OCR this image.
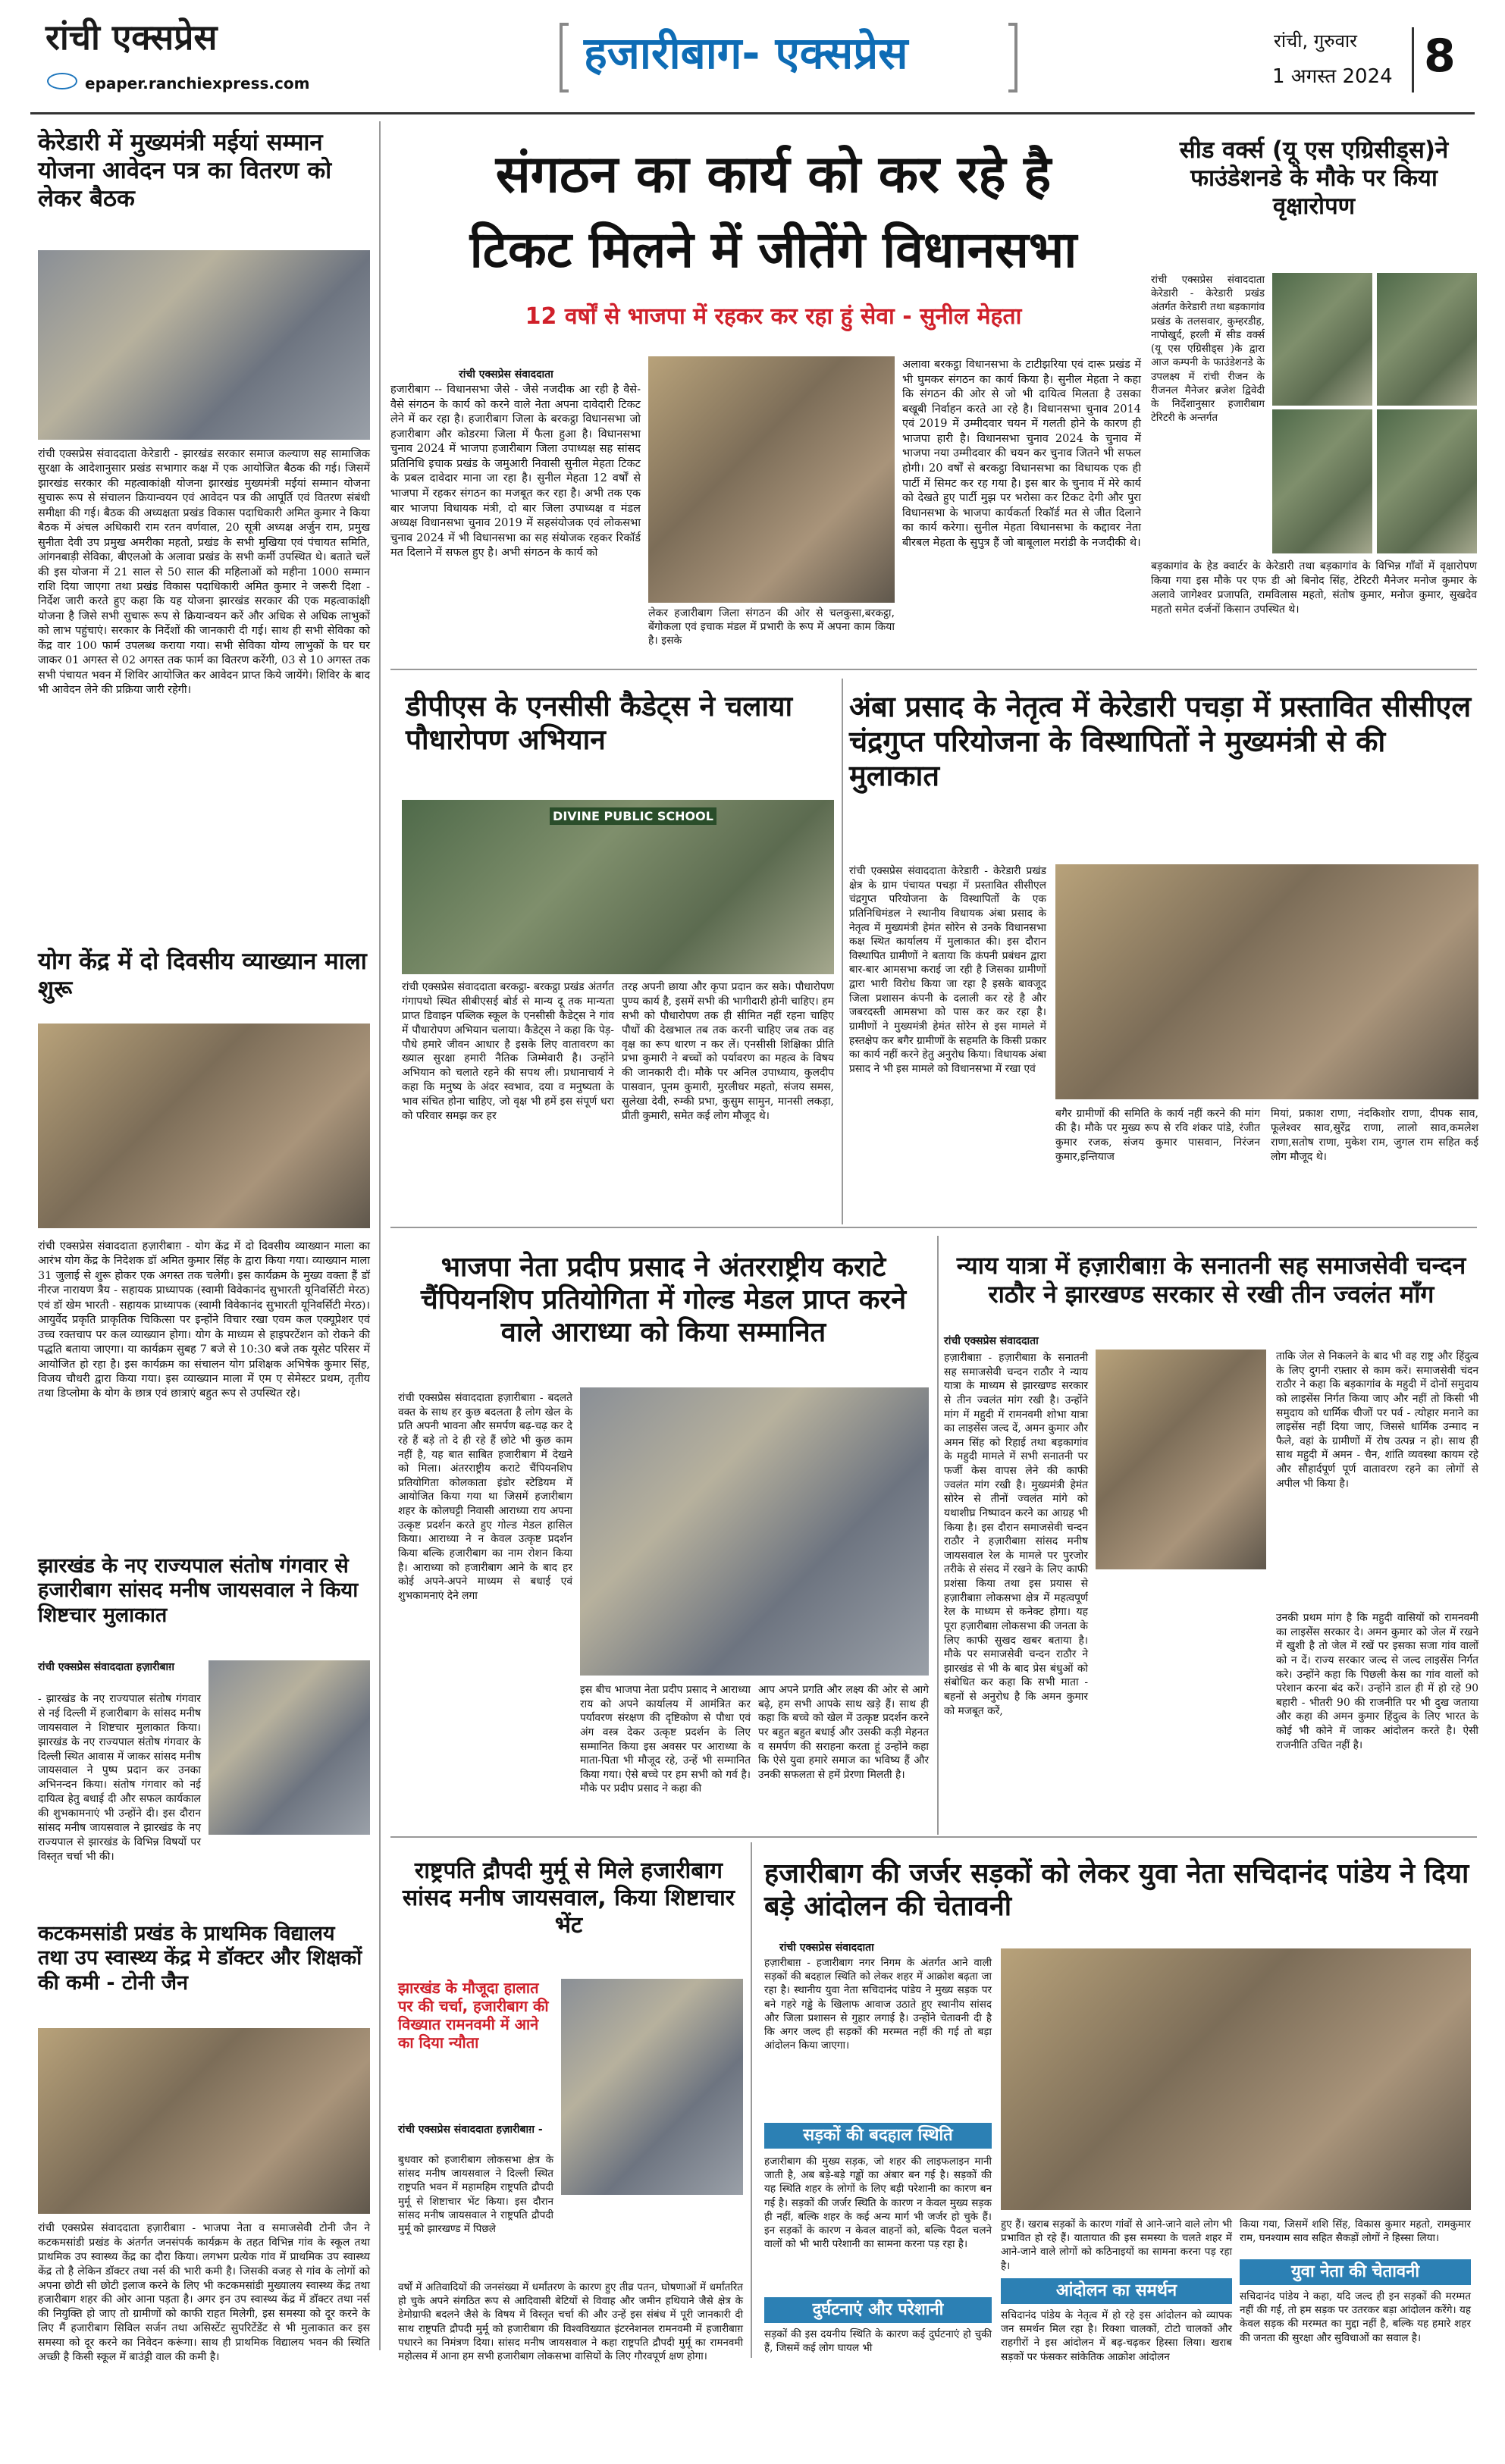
रांची एक्सप्रेस
epaper.ranchiexpress.com
हजारीबाग- एक्सप्रेस	रांची, गुरुवार
1 अगस्त 2024 8
केरेडारी में मुख्यमंत्री मईयां सम्मान योजना आवेदन पत्र का वितरण को लेकर बैठक
रांची एक्सप्रेस संवाददाता केरेडारी - झारखंड सरकार समाज कल्याण सह सामाजिक सुरक्षा के आदेशानुसार प्रखंड सभागार कक्ष में एक आयोजित बैठक की गई। जिसमें झारखंड सरकार की महत्वाकांक्षी योजना झारखंड मुख्यमंत्री मईयां सम्मान योजना सुचारू रूप से संचालन क्रियान्वयन एवं आवेदन पत्र की आपूर्ति एवं वितरण संबंधी समीक्षा की गई। बैठक की अध्यक्षता प्रखंड विकास पदाधिकारी अमित कुमार ने किया बैठक में अंचल अधिकारी राम रतन वर्णवाल, 20 सूत्री अध्यक्ष अर्जुन राम, प्रमुख सुनीता देवी उप प्रमुख अमरीका महतो, प्रखंड के सभी मुखिया एवं पंचायत समिति, आंगनबाड़ी सेविका, बीएलओ के अलावा प्रखंड के सभी कर्मी उपस्थित थे। बताते चलें की इस योजना में 21 साल से 50 साल की महिलाओं को महीना 1000 सम्मान राशि दिया जाएगा तथा प्रखंड विकास पदाधिकारी अमित कुमार ने जरूरी दिशा - निर्देश जारी करते हुए कहा कि यह योजना झारखंड सरकार की एक महत्वाकांक्षी योजना है जिसे सभी सुचारू रूप से क्रियान्वयन करें और अधिक से अधिक लाभुकों को लाभ पहुंचाएं। सरकार के निर्देशों की जानकारी दी गई। साथ ही सभी सेविका को केंद्र वार 100 फार्म उपलब्ध कराया गया। सभी सेविका योग्य लाभुकों के घर घर जाकर 01 अगस्त से 02 अगस्त तक फार्म का वितरण करेंगी, 03 से 10 अगस्त तक सभी पंचायत भवन में शिविर आयोजित कर आवेदन प्राप्त किये जायेंगे। शिविर के बाद भी आवेदन लेने की प्रक्रिया जारी रहेगी।
योग केंद्र में दो दिवसीय व्याख्यान माला शुरू
रांची एक्सप्रेस संवाददाता हज़ारीबाग़ - योग केंद्र में दो दिवसीय व्याख्यान माला का आरंभ योग केंद्र के निदेशक डॉ अमित कुमार सिंह के द्वारा किया गया। व्याख्यान माला 31 जुलाई से शुरू होकर एक अगस्त तक चलेगी। इस कार्यक्रम के मुख्य वक्ता हैं डॉ नीरज नारायण त्रैय - सहायक प्राध्यापक (स्वामी विवेकानंद सुभारती यूनिवर्सिटी मेरठ) एवं डॉ खेम भारती - सहायक प्राध्यापक (स्वामी विवेकानंद सुभारती यूनिवर्सिटी मेरठ)। आयुर्वेद प्रकृति प्राकृतिक चिकित्सा पर इन्होंने विचार रखा एवम कल एक्यूप्रेशर एवं उच्च रक्तचाप पर कल व्याख्यान होगा। योग के माध्यम से हाइपरटेंशन को रोकने की पद्धति बताया जाएगा। या कार्यक्रम सुबह 7 बजे से 10:30 बजे तक यूसेट परिसर में आयोजित हो रहा है। इस कार्यक्रम का संचालन योग प्रशिक्षक अभिषेक कुमार सिंह, विजय चौधरी द्वारा किया गया। इस व्याख्यान माला में एम ए सेमेस्टर प्रथम, तृतीय तथा डिप्लोमा के योग के छात्र एवं छात्राएं बहुत रूप से उपस्थित रहे।
झारखंड के नए राज्यपाल संतोष गंगवार से हजारीबाग सांसद मनीष जायसवाल ने किया शिष्टचार मुलाकात
रांची एक्सप्रेस संवाददाता हज़ारीबाग़
- झारखंड के नए राज्यपाल संतोष गंगवार से नई दिल्ली में हजारीबाग के सांसद मनीष जायसवाल ने शिष्टचार मुलाकात किया। झारखंड के नए राज्यपाल संतोष गंगवार के दिल्ली स्थित आवास में जाकर सांसद मनीष जायसवाल ने पुष्प प्रदान कर उनका अभिनन्दन किया। संतोष गंगवार को नई दायित्व हेतु बधाई दी और सफल कार्यकाल की शुभकामनाएं भी उन्होंने दी। इस दौरान सांसद मनीष जायसवाल ने झारखंड के नए राज्यपाल से झारखंड के विभिन्न विषयों पर विस्तृत चर्चा भी की।
कटकमसांडी प्रखंड के प्राथमिक विद्यालय तथा उप स्वास्थ्य केंद्र मे डॉक्टर और शिक्षकों की कमी - टोनी जैन
रांची एक्सप्रेस संवाददाता हज़ारीबाग़ - भाजपा नेता व समाजसेवी टोनी जैन ने कटकमसांडी प्रखंड के अंतर्गत जनसंपर्क कार्यक्रम के तहत विभिन्न गांव के स्कूल तथा प्राथमिक उप स्वास्थ्य केंद्र का दौरा किया। लगभग प्रत्येक गांव में प्राथमिक उप स्वास्थ्य केंद्र तो है लेकिन डॉक्टर तथा नर्स की भारी कमी है। जिसकी वजह से गांव के लोगों को अपना छोटी सी छोटी इलाज करने के लिए भी कटकमसांडी मुख्यालय स्वास्थ्य केंद्र तथा हजारीबाग शहर की ओर आना पड़ता है। अगर इन उप स्वास्थ्य केंद्र में डॉक्टर तथा नर्स की नियुक्ति हो जाए तो ग्रामीणों को काफी राहत मिलेगी, इस समस्या को दूर करने के लिए मैं हजारीबाग सिविल सर्जन तथा असिस्टेंट सुपरिटेंडेंट से भी मुलाकात कर इस समस्या को दूर करने का निवेदन करूंगा। साथ ही प्राथमिक विद्यालय भवन की स्थिति अच्छी है किसी स्कूल में बाउंड्री वाल की कमी है।
संगठन का कार्य को कर रहे है
टिकट मिलने में जीतेंगे विधानसभा
12 वर्षों से भाजपा में रहकर कर रहा हुं सेवा - सुनील मेहता
रांची एक्सप्रेस संवाददाता
हजारीबाग -- विधानसभा जैसे - जैसे नजदीक आ रही है वैसे- वैसे संगठन के कार्य को करने वाले नेता अपना दावेदारी टिकट लेने में कर रहा है। हजारीबाग जिला के बरकट्ठा विधानसभा जो हजारीबाग और कोडरमा जिला में फैला हुआ है। विधानसभा चुनाव 2024 में भाजपा हजारीबाग जिला उपाध्यक्ष सह सांसद प्रतिनिधि इचाक प्रखंड के जमुआरी निवासी सुनील मेहता टिकट के प्रबल दावेदार माना जा रहा है। सुनील मेहता 12 वर्षों से भाजपा में रहकर संगठन का मजबूत कर रहा है। अभी तक एक बार भाजपा विधायक मंत्री, दो बार जिला उपाध्यक्ष व मंडल अध्यक्ष विधानसभा चुनाव 2019 में सहसंयोजक एवं लोकसभा चुनाव 2024 में भी विधानसभा का सह संयोजक रहकर रिकॉर्ड मत दिलाने में सफल हुए है। अभी संगठन के कार्य को
लेकर हजारीबाग जिला संगठन की ओर से चलकुसा,बरकट्ठा, बेंगोकला एवं इचाक मंडल में प्रभारी के रूप में अपना काम किया है। इसके
अलावा बरकट्ठा विधानसभा के टाटीझरिया एवं दारू प्रखंड में भी घुमकर संगठन का कार्य किया है। सुनील मेहता ने कहा कि संगठन की ओर से जो भी दायित्व मिलता है उसका बखूबी निर्वाहन करते आ रहे है। विधानसभा चुनाव 2014 एवं 2019 में उम्मीदवार चयन में गलती होने के कारण ही भाजपा हारी है। विधानसभा चुनाव 2024 के चुनाव में भाजपा नया उम्मीदवार की चयन कर चुनाव जितने भी सफल होगी। 20 वर्षों से बरकट्ठा विधानसभा का विधायक एक ही पार्टी में सिमट कर रह गया है। इस बार के चुनाव में मेरे कार्य को देखते हुए पार्टी मुझ पर भरोसा कर टिकट देगी और पुरा विधानसभा के भाजपा कार्यकर्ता रिकॉर्ड मत से जीत दिलाने का कार्य करेगा। सुनील मेहता विधानसभा के कद्दावर नेता बीरबल मेहता के सुपुत्र हैं जो बाबूलाल मरांडी के नजदीकी थे।
सीड वर्क्स (यू एस एग्रिसीड्स)ने फाउंडेशनडे के मौके पर किया वृक्षारोपण
रांची एक्सप्रेस संवाददाता केरेडारी - केरेडारी प्रखंड अंतर्गत केरेडारी तथा बड़कागांव प्रखंड के तलसवार, कुम्हरडीह, नापोखुर्द, हरली में सीड वर्क्स (यू एस एग्रिसीड्स )के द्वारा आज कम्पनी के फाउंडेशनडे के उपलक्ष्य में रांची रीजन के रीजनल मैनेजर ब्रजेश द्विवेदी के निर्देशानुसार हजारीबाग टेरिटरी के अन्तर्गत
बड़कागांव के हेड क्वार्टर के केरेडारी तथा बड़कागांव के विभिन्न गाँवों में वृक्षारोपण किया गया इस मौके पर एफ डी ओ बिनोद सिंह, टेरिटरी मैनेजर मनोज कुमार के अलावे जागेश्वर प्रजापति, रामविलास महतो, संतोष कुमार, मनोज कुमार, सुखदेव महतो समेत दर्जनों किसान उपस्थित थे।
डीपीएस के एनसीसी कैडेट्स ने चलाया पौधारोपण अभियान
DIVINE PUBLIC SCHOOL
रांची एक्सप्रेस संवाददाता बरकट्ठा- बरकट्ठा प्रखंड अंतर्गत गंगापथो स्थित सीबीएसई बोर्ड से मान्य दू तक मान्यता प्राप्त डिवाइन पब्लिक स्कूल के एनसीसी कैडेट्स ने गांव में पौधारोपण अभियान चलाया। कैडेट्स ने कहा कि पेड़- पौधे हमारे जीवन आधार है इसके लिए वातावरण का ख्याल सुरक्षा हमारी नैतिक जिम्मेवारी है। उन्होंने अभियान को चलाते रहने की सपथ ली। प्रधानाचार्य ने कहा कि मनुष्य के अंदर स्वभाव, दया व मनुष्यता के भाव संचित होना चाहिए, जो वृक्ष भी हमें इस संपूर्ण धरा को परिवार समझ कर हर
तरह अपनी छाया और कृपा प्रदान कर सके। पौधारोपण पुण्य कार्य है, इसमें सभी की भागीदारी होनी चाहिए। हम सभी को पौधारोपण तक ही सीमित नहीं रहना चाहिए पौधों की देखभाल तब तक करनी चाहिए जब तक वह वृक्ष का रूप धारण न कर लें। एनसीसी शिक्षिका प्रीति प्रभा कुमारी ने बच्चों को पर्यावरण का महत्व के विषय की जानकारी दी। मौके पर अनिल उपाध्याय, कुलदीप पासवान, पूनम कुमारी, मुरलीधर महतो, संजय समस, सुलेखा देवी, रुम्की प्रभा, कुसुम सामुन, मानसी लकड़ा, प्रीती कुमारी, समेत कई लोग मौजूद थे।
अंबा प्रसाद के नेतृत्व में केरेडारी पचड़ा में प्रस्तावित सीसीएल चंद्रगुप्त परियोजना के विस्थापितों ने मुख्यमंत्री से की मुलाकात
रांची एक्सप्रेस संवाददाता केरेडारी - केरेडारी प्रखंड क्षेत्र के ग्राम पंचायत पचड़ा में प्रस्तावित सीसीएल चंद्रगुप्त परियोजना के विस्थापितों के एक प्रतिनिधिमंडल ने स्थानीय विधायक अंबा प्रसाद के नेतृत्व में मुख्यमंत्री हेमंत सोरेन से उनके विधानसभा कक्ष स्थित कार्यालय में मुलाकात की। इस दौरान विस्थापित ग्रामीणों ने बताया कि कंपनी प्रबंधन द्वारा बार-बार आमसभा कराई जा रही है जिसका ग्रामीणों द्वारा भारी विरोध किया जा रहा है इसके बावजूद जिला प्रशासन कंपनी के दलाली कर रहे है और जबरदस्ती आमसभा को पास कर कर रहा है। ग्रामीणों ने मुख्यमंत्री हेमंत सोरेन से इस मामले में हस्तक्षेप कर बगैर ग्रामीणों के सहमति के किसी प्रकार का कार्य नहीं करने हेतु अनुरोध किया। विधायक अंबा प्रसाद ने भी इस मामले को विधानसभा में रखा एवं
बगैर ग्रामीणों की समिति के कार्य नहीं करने की मांग की है। मौके पर मुख्य रूप से रवि शंकर पांडे, रंजीत कुमार रजक, संजय कुमार पासवान, निरंजन कुमार,इन्तियाज
मियां, प्रकाश राणा, नंदकिशोर राणा, दीपक साव, फूलेश्वर साव,सुरेंद्र राणा, लालो साव,कमलेश राणा,सतोष राणा, मुकेश राम, जुगल राम सहित कई लोग मौजूद थे।
भाजपा नेता प्रदीप प्रसाद ने अंतरराष्ट्रीय कराटे चैंपियनशिप प्रतियोगिता में गोल्ड मेडल प्राप्त करने वाले आराध्या को किया सम्मानित
रांची एक्सप्रेस संवाददाता हज़ारीबाग़ - बदलते वक्त के साथ हर कुछ बदलता है लोग खेल के प्रति अपनी भावना और समर्पण बढ़-चढ़ कर दे रहे हैं बड़े तो दे ही रहे हैं छोटे भी कुछ काम नहीं है, यह बात साबित हजारीबाग में देखने को मिला। अंतरराष्ट्रीय कराटे चैंपियनशिप प्रतियोगिता कोलकाता इंडोर स्टेडियम में आयोजित किया गया था जिसमें हजारीबाग शहर के कोलघट्टी निवासी आराध्या राय अपना उत्कृष्ट प्रदर्शन करते हुए गोल्ड मेडल हासिल किया। आराध्या ने न केवल उत्कृष्ट प्रदर्शन किया बल्कि हजारीबाग का नाम रोशन किया है। आराध्या को हजारीबाग आने के बाद हर कोई अपने-अपने माध्यम से बधाई एवं शुभकामनाएं देने लगा
इस बीच भाजपा नेता प्रदीप प्रसाद ने आराध्या राय को अपने कार्यालय में आमंत्रित कर पर्यावरण संरक्षण की दृष्टिकोण से पौधा एवं अंग वस्त्र देकर उत्कृष्ट प्रदर्शन के लिए सम्मानित किया इस अवसर पर आराध्या के माता-पिता भी मौजूद रहे, उन्हें भी सम्मानित किया गया। ऐसे बच्चे पर हम सभी को गर्व है। मौके पर प्रदीप प्रसाद ने कहा की
आप अपने प्रगति और लक्ष्य की ओर से आगे बढ़े, हम सभी आपके साथ खड़े हैं। साथ ही कहा कि बच्चे को खेल में उत्कृष्ट प्रदर्शन करने पर बहुत बहुत बधाई और उसकी कड़ी मेहनत व समर्पण की सराहना करता हूं उन्होंने कहा कि ऐसे युवा हमारे समाज का भविष्य हैं और उनकी सफलता से हमें प्रेरणा मिलती है।
न्याय यात्रा में हज़ारीबाग़ के सनातनी सह समाजसेवी चन्दन राठौर ने झारखण्ड सरकार से रखी तीन ज्वलंत माँग
रांची एक्सप्रेस संवाददाता
हज़ारीबाग़ - हज़ारीबाग़ के सनातनी सह समाजसेवी चन्दन राठौर ने न्याय यात्रा के माध्यम से झारखण्ड सरकार से तीन ज्वलंत मांग रखी है। उन्होंने मांग में महुदी में रामनवमी शोभा यात्रा का लाइसेंस जल्द दें, अमन कुमार और अमन सिंह को रिहाई तथा बड़कागांव के महुदी मामले में सभी सनातनी पर फर्जी केस वापस लेने की काफी ज्वलंत मांग रखी है। मुख्यमंत्री हेमंत सोरेन से तीनों ज्वलंत मांगे को यथाशीघ्र निष्पादन करने का आग्रह भी किया है। इस दौरान समाजसेवी चन्दन राठौर ने हज़ारीबाग़ सांसद मनीष जायसवाल रेल के मामले पर पुरजोर तरीके से संसद में रखने के लिए काफी प्रशंसा किया तथा इस प्रयास से हज़ारीबाग़ लोकसभा क्षेत्र में महत्वपूर्ण रेल के माध्यम से कनेक्ट होगा। यह पूरा हज़ारीबाग़ लोकसभा की जनता के लिए काफी सुखद खबर बताया है। मौके पर समाजसेवी चन्दन राठौर ने झारखंड से भी के बाद प्रेस बंधुओं को संबोधित कर कहा कि सभी माता - बहनों से अनुरोध है कि अमन कुमार को मजबूत करें,
ताकि जेल से निकलने के बाद भी वह राष्ट्र और हिंदुत्व के लिए दुगनी रफ़्तार से काम करें। समाजसेवी चंदन राठौर ने कहा कि बड़कागांव के महुदी में दोनों समुदाय को लाइसेंस निर्गत किया जाए और नहीं तो किसी भी समुदाय को धार्मिक चीजों पर पर्व - त्योहार मनाने का लाइसेंस नहीं दिया जाए, जिससे धार्मिक उन्माद न फैले, वहां के ग्रामीणों में रोष उत्पन्न न हो। साथ ही साथ महुदी में अमन - चैन, शांति व्यवस्था कायम रहे और सौहार्दपूर्ण पूर्ण वातावरण रहने का लोगों से अपील भी किया है।
उनकी प्रथम मांग है कि महुदी वासियों को रामनवमी का लाइसेंस सरकार दे। अमन कुमार को जेल में रखने में खुशी है तो जेल में रखें पर इसका सजा गांव वालों को न दें। राज्य सरकार जल्द से जल्द लाइसेंस निर्गत करे। उन्होंने कहा कि पिछली केस का गांव वालों को परेशान करना बंद करें। उन्होंने डाल ही में हो रहे 90 बहारी - भीतरी 90 की राजनीति पर भी दुख जताया और कहा की अमन कुमार हिंदुत्व के लिए भारत के कोई भी कोने में जाकर आंदोलन करते है। ऐसी राजनीति उचित नहीं है।
राष्ट्रपति द्रौपदी मुर्मू से मिले हजारीबाग सांसद मनीष जायसवाल, किया शिष्टाचार भेंट
झारखंड के मौजूदा हालात पर की चर्चा, हजारीबाग की विख्यात रामनवमी में आने का दिया न्यौता
रांची एक्सप्रेस संवाददाता हज़ारीबाग़ -
बुधवार को हजारीबाग लोकसभा क्षेत्र के सांसद मनीष जायसवाल ने दिल्ली स्थित राष्ट्रपति भवन में महामहिम राष्ट्रपति द्रौपदी मुर्मू से शिष्टाचार भेंट किया। इस दौरान सांसद मनीष जायसवाल ने राष्ट्रपति द्रौपदी मुर्मू को झारखण्ड में पिछले
वर्षों में अतिवादियों की जनसंख्या में धर्मांतरण के कारण हुए तीव्र पतन, घोषणाओं में धर्मांतरित हो चुके अपने संगठित रूप से आदिवासी बेटियों से विवाह और जमीन हथियाने जैसे क्षेत्र के डेमोग्राफी बदलने जैसे के विषय में विस्तृत चर्चा की और उन्हें इस संबंध में पूरी जानकारी दी साथ राष्ट्रपति द्रौपदी मुर्मू को हजारीबाग की विश्वविख्यात इंटरनेशनल रामनवमी में हजारीबाग़ पधारने का निमंत्रण दिया। सांसद मनीष जायसवाल ने कहा राष्ट्रपति द्रौपदी मुर्मू का रामनवमी महोत्सव में आना हम सभी हजारीबाग लोकसभा वासियों के लिए गौरवपूर्ण क्षण होगा।
हजारीबाग की जर्जर सड़कों को लेकर युवा नेता सचिदानंद पांडेय ने दिया बड़े आंदोलन की चेतावनी
रांची एक्सप्रेस संवाददाता
हज़ारीबाग़ - हजारीबाग नगर निगम के अंतर्गत आने वाली सड़कों की बदहाल स्थिति को लेकर शहर में आक्रोश बढ़ता जा रहा है। स्थानीय युवा नेता सचिदानंद पांडेय ने मुख्य सड़क पर बने गहरे गड्ढे के खिलाफ आवाज उठाते हुए स्थानीय सांसद और जिला प्रशासन से गुहार लगाई है। उन्होंने चेतावनी दी है कि अगर जल्द ही सड़कों की मरम्मत नहीं की गई तो बड़ा आंदोलन किया जाएगा।
सड़कों की बदहाल स्थिति
हजारीबाग की मुख्य सड़क, जो शहर की लाइफलाइन मानी जाती है, अब बड़े-बड़े गड्ढों का अंबार बन गई है। सड़कों की यह स्थिति शहर के लोगों के लिए बड़ी परेशानी का कारण बन गई है। सड़कों की जर्जर स्थिति के कारण न केवल मुख्य सड़क ही नहीं, बल्कि शहर के कई अन्य मार्ग भी जर्जर हो चुके हैं। इन सड़कों के कारण न केवल वाहनों को, बल्कि पैदल चलने वालों को भी भारी परेशानी का सामना करना पड़ रहा है।
दुर्घटनाएं और परेशानी
सड़कों की इस दयनीय स्थिति के कारण कई दुर्घटनाएं हो चुकी हैं, जिसमें कई लोग घायल भी
हुए हैं। खराब सड़कों के कारण गांवों से आने-जाने वाले लोग भी प्रभावित हो रहे हैं। यातायात की इस समस्या के चलते शहर में आने-जाने वाले लोगों को कठिनाइयों का सामना करना पड़ रहा है।
आंदोलन का समर्थन
सचिदानंद पांडेय के नेतृत्व में हो रहे इस आंदोलन को व्यापक जन समर्थन मिल रहा है। रिक्शा चालकों, टोटो चालकों और राहगीरों ने इस आंदोलन में बढ़-चढ़कर हिस्सा लिया। खराब सड़कों पर फंसकर सांकेतिक आक्रोश आंदोलन
किया गया, जिसमें शशि सिंह, विकास कुमार महतो, रामकुमार राम, घनश्याम साव सहित सैकड़ों लोगों ने हिस्सा लिया।
युवा नेता की चेतावनी
सचिदानंद पांडेय ने कहा, यदि जल्द ही इन सड़कों की मरम्मत नहीं की गई, तो हम सड़क पर उतरकर बड़ा आंदोलन करेंगे। यह केवल सड़क की मरम्मत का मुद्दा नहीं है, बल्कि यह हमारे शहर की जनता की सुरक्षा और सुविधाओं का सवाल है।
